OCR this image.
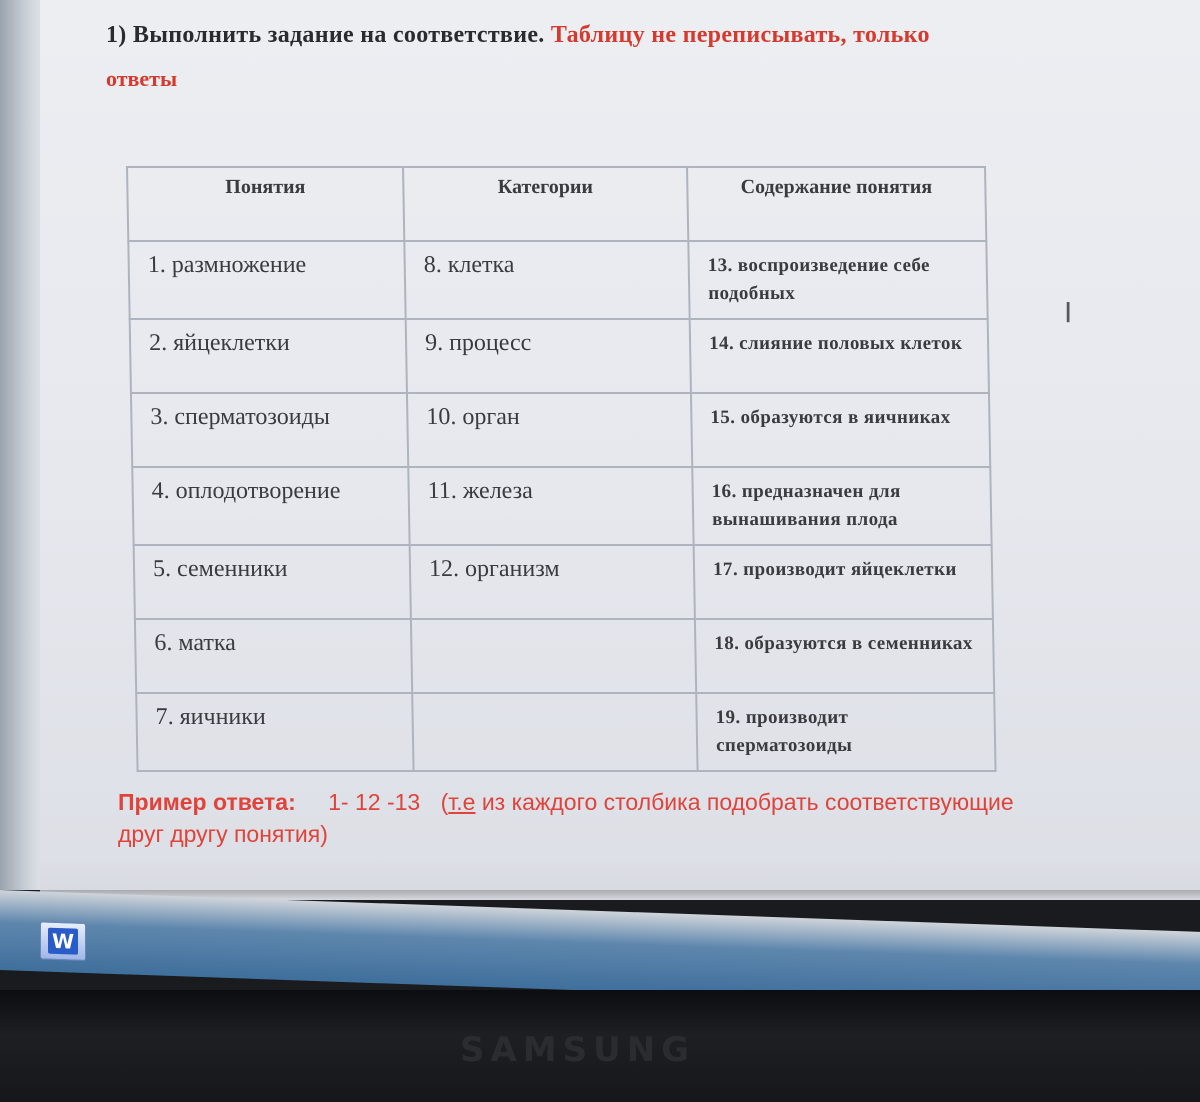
1) Выполнить задание на соответствие. Таблицу не переписывать, только
ответы
I
Понятия	Категории	Содержание понятия
1. размножение	8. клетка	13. воспроизведение себе подобных
2. яйцеклетки	9. процесс	14. слияние половых клеток
3. сперматозоиды	10. орган	15. образуются в яичниках
4. оплодотворение	11. железа	16. предназначен для вынашивания плода
5. семенники	12. организм	17. производит яйцеклетки
6. матка		18. образуются в семенниках
7. яичники		19. производит сперматозоиды
Пример ответа: 1- 12 -13 (т.е из каждого столбика подобрать соответствующие друг другу понятия)
W
SAMSUNG
